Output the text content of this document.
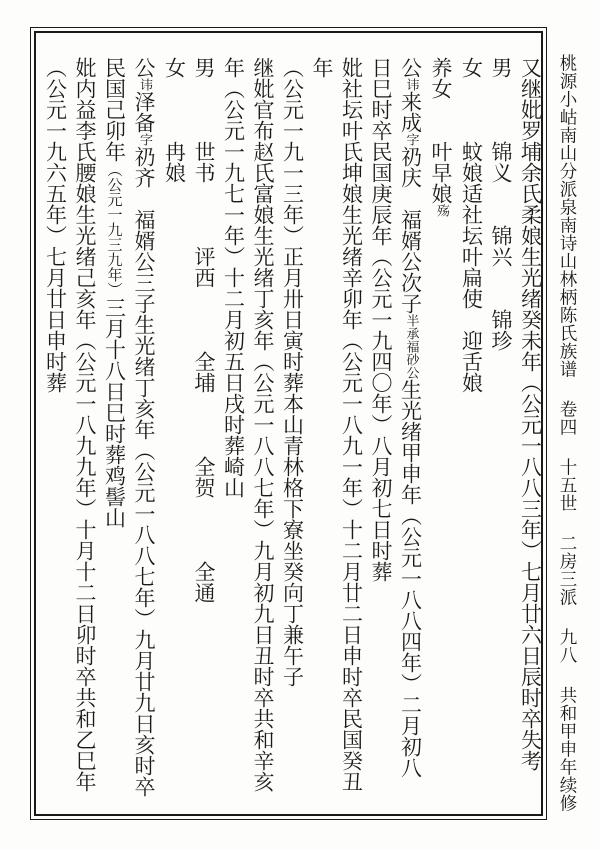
又继妣罗埔余氏柔娘生光绪癸未年（公元一八八三年）七月廿六日辰时卒失考
男　　　锦义　　锦兴　　锦珍
女　　　蚊娘适社坛叶扁使　迎舌娘
养女　　叶早娘殇
公讳来成字礽庆　福婿公次子半承福砂公生光绪甲申年（公元一八八四年）二月初八
日巳时卒民国庚辰年（公元一九四〇年）八月初七日时葬
妣社坛叶氏坤娘生光绪辛卯年（公元一八九一年）十二月廿二日申时卒民国癸丑年
（公元一九一三年）正月卅日寅时葬本山青林格下寮坐癸向丁兼午子
继妣官布赵氏富娘生光绪丁亥年（公元一八八七年）九月初九日丑时卒共和辛亥
年（公元一九七一年）十二月初五日戌时葬崎山
男　　　世书　　　评西　　　全埔　　　全贺　　　全通
女　　　冉娘
公讳泽备字礽齐　福婿公三子生光绪丁亥年（公元一八八七年）九月廿九日亥时卒
民国己卯年（公元一九三九年）三月十八日巳时葬鸡髻山
妣内益李氏腰娘生光绪己亥年（公元一八九九年）十月十二日卯时卒共和乙巳年
（公元一九六五年）七月廿日申时葬	桃源小岵南山分派泉南诗山林柄陈氏族谱 卷四 十五世 二房三派 九八 共和甲申年续修
